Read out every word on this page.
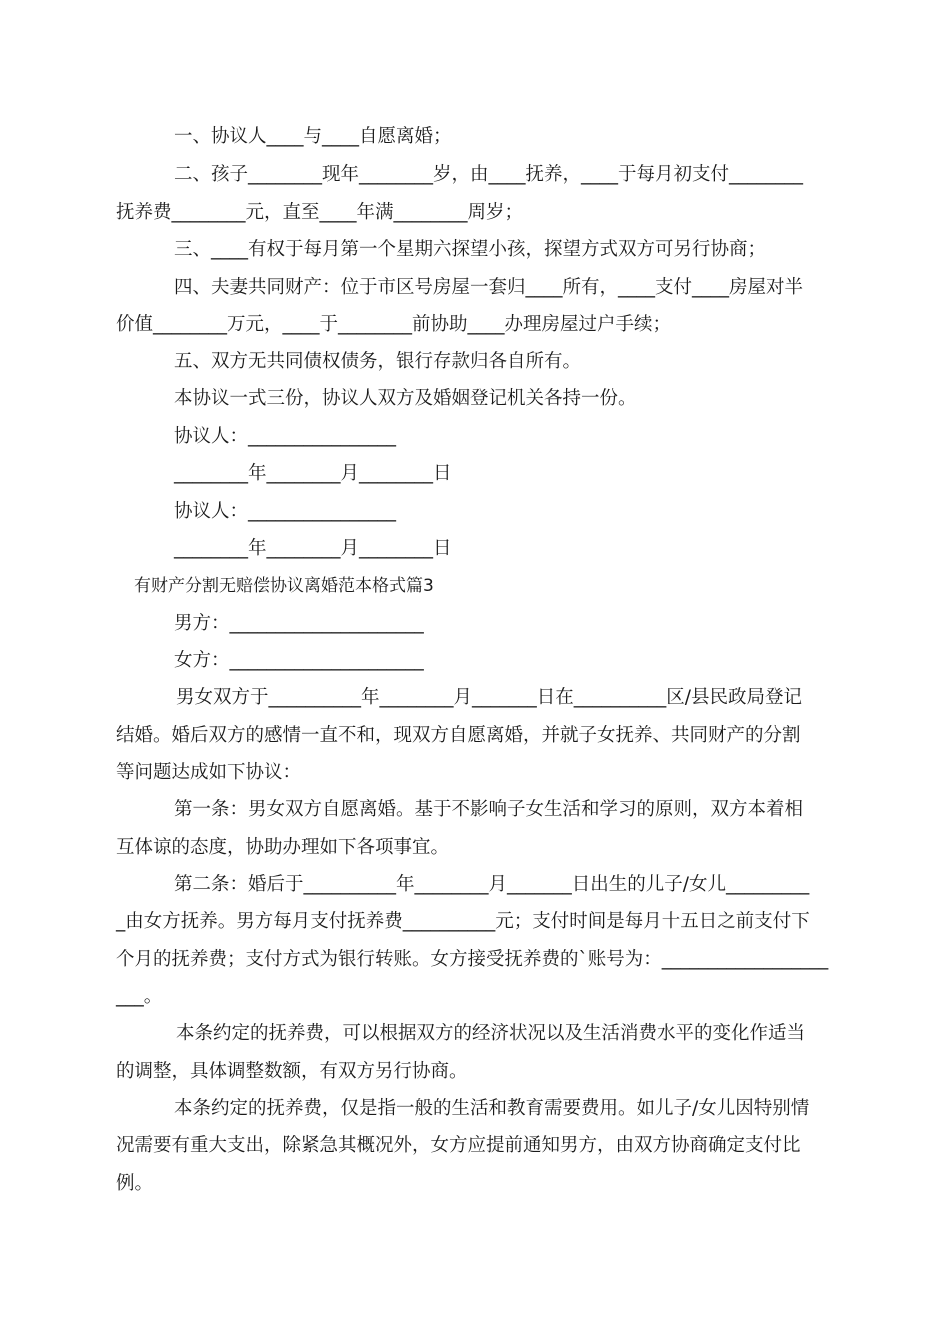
一、协议人____与____自愿离婚；
二、孩子________现年________岁，由____抚养，____于每月初支付________
抚养费________元，直至____年满________周岁；
三、____有权于每月第一个星期六探望小孩，探望方式双方可另行协商；
四、夫妻共同财产：位于市区号房屋一套归____所有，____支付____房屋对半
价值________万元，____于________前协助____办理房屋过户手续；
五、双方无共同债权债务，银行存款归各自所有。
本协议一式三份，协议人双方及婚姻登记机关各持一份。
协议人：________________
________年________月________日
协议人：________________
________年________月________日
有财产分割无赔偿协议离婚范本格式篇3
男方：_____________________
女方：_____________________
男女双方于__________年________月_______日在__________区/县民政局登记
结婚。婚后双方的感情一直不和，现双方自愿离婚，并就子女抚养、共同财产的分割
等问题达成如下协议：
第一条：男女双方自愿离婚。基于不影响子女生活和学习的原则，双方本着相
互体谅的态度，协助办理如下各项事宜。
第二条：婚后于__________年________月_______日出生的儿子/女儿_________
_由女方抚养。男方每月支付抚养费__________元；支付时间是每月十五日之前支付下
个月的抚养费；支付方式为银行转账。女方接受抚养费的`账号为：__________________
___。
本条约定的抚养费，可以根据双方的经济状况以及生活消费水平的变化作适当
的调整，具体调整数额，有双方另行协商。
本条约定的抚养费，仅是指一般的生活和教育需要费用。如儿子/女儿因特别情
况需要有重大支出，除紧急其概况外，女方应提前通知男方，由双方协商确定支付比
例。
